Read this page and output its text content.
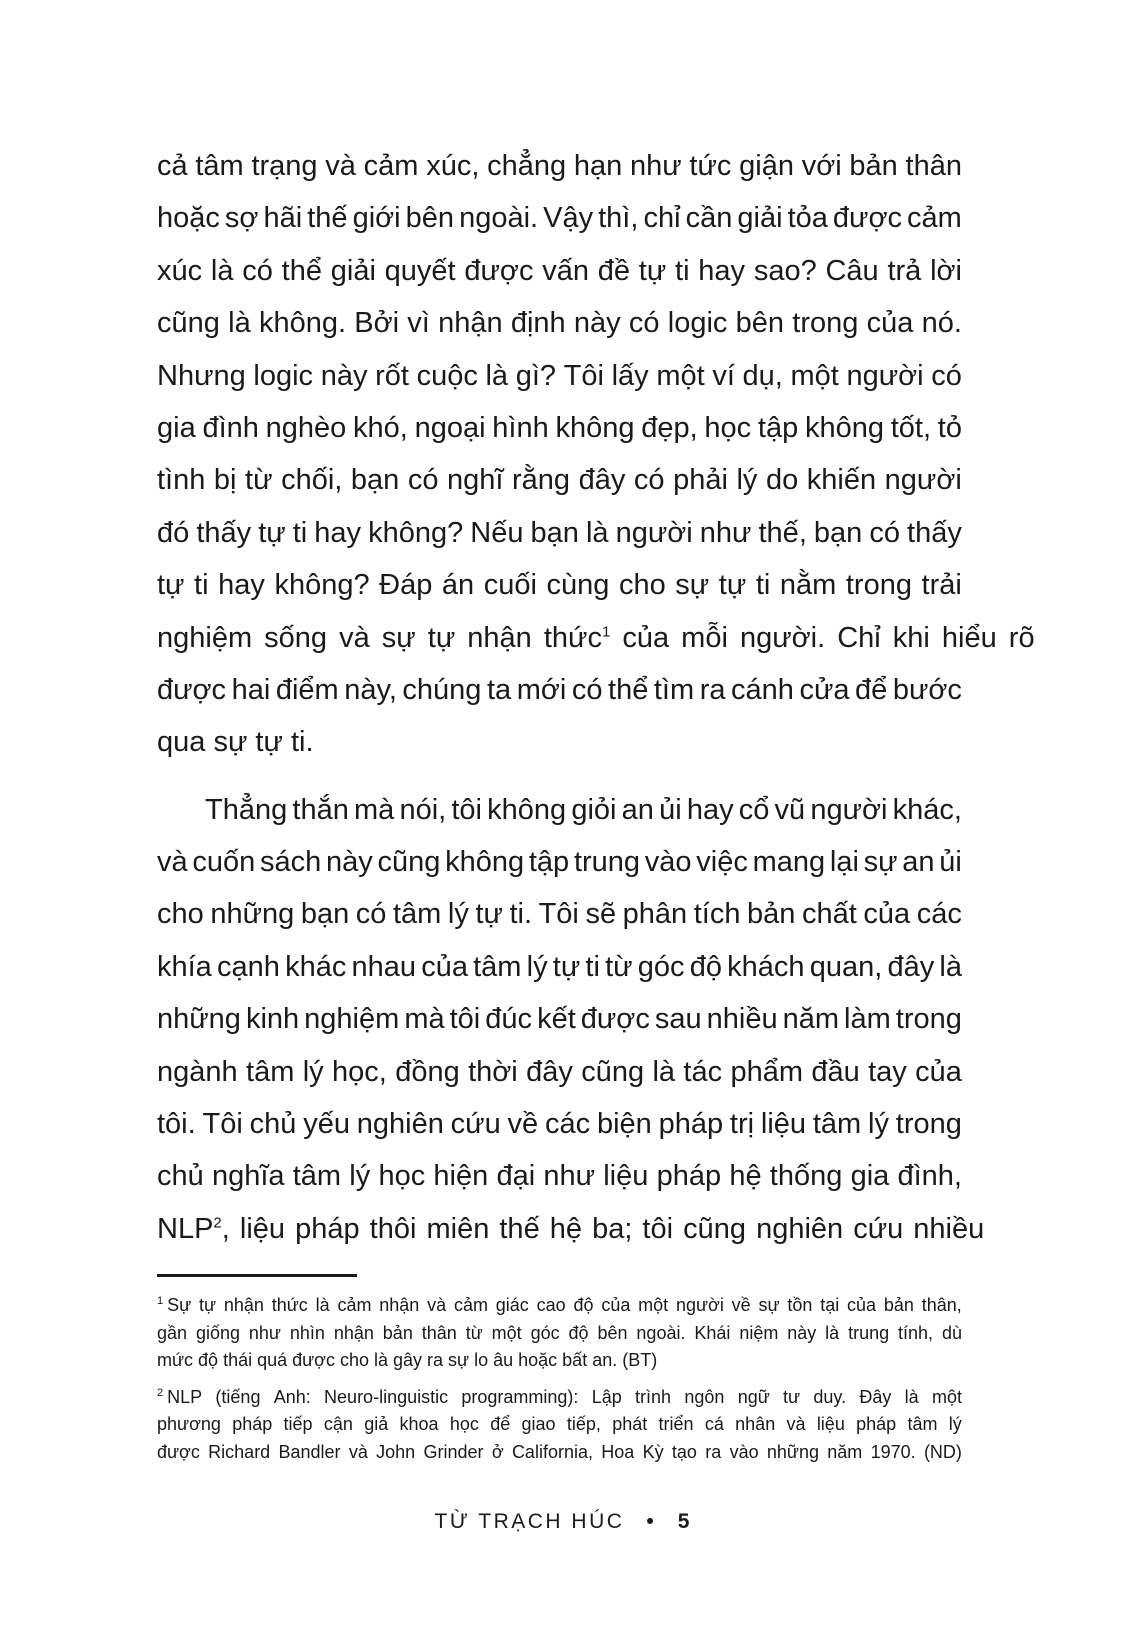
cả tâm trạng và cảm xúc, chẳng hạn như tức giận với bản thân
hoặc sợ hãi thế giới bên ngoài. Vậy thì, chỉ cần giải tỏa được cảm
xúc là có thể giải quyết được vấn đề tự ti hay sao? Câu trả lời
cũng là không. Bởi vì nhận định này có logic bên trong của nó.
Nhưng logic này rốt cuộc là gì? Tôi lấy một ví dụ, một người có
gia đình nghèo khó, ngoại hình không đẹp, học tập không tốt, tỏ
tình bị từ chối, bạn có nghĩ rằng đây có phải lý do khiến người
đó thấy tự ti hay không? Nếu bạn là người như thế, bạn có thấy
tự ti hay không? Đáp án cuối cùng cho sự tự ti nằm trong trải
nghiệm sống và sự tự nhận thức$^1$ của mỗi người. Chỉ khi hiểu rõ
được hai điểm này, chúng ta mới có thể tìm ra cánh cửa để bước
qua sự tự ti.
Thẳng thắn mà nói, tôi không giỏi an ủi hay cổ vũ người khác,
và cuốn sách này cũng không tập trung vào việc mang lại sự an ủi
cho những bạn có tâm lý tự ti. Tôi sẽ phân tích bản chất của các
khía cạnh khác nhau của tâm lý tự ti từ góc độ khách quan, đây là
những kinh nghiệm mà tôi đúc kết được sau nhiều năm làm trong
ngành tâm lý học, đồng thời đây cũng là tác phẩm đầu tay của
tôi. Tôi chủ yếu nghiên cứu về các biện pháp trị liệu tâm lý trong
chủ nghĩa tâm lý học hiện đại như liệu pháp hệ thống gia đình,
NLP$^2$, liệu pháp thôi miên thế hệ ba; tôi cũng nghiên cứu nhiều
$^1$ Sự tự nhận thức là cảm nhận và cảm giác cao độ của một người về sự tồn tại của bản thân,
gần giống như nhìn nhận bản thân từ một góc độ bên ngoài. Khái niệm này là trung tính, dù
mức độ thái quá được cho là gây ra sự lo âu hoặc bất an. (BT)
$^2$ NLP (tiếng Anh: Neuro-linguistic programming): Lập trình ngôn ngữ tư duy. Đây là một
phương pháp tiếp cận giả khoa học để giao tiếp, phát triển cá nhân và liệu pháp tâm lý
được Richard Bandler và John Grinder ở California, Hoa Kỳ tạo ra vào những năm 1970. (ND)
TỪ TRẠCH HÚC • 5
